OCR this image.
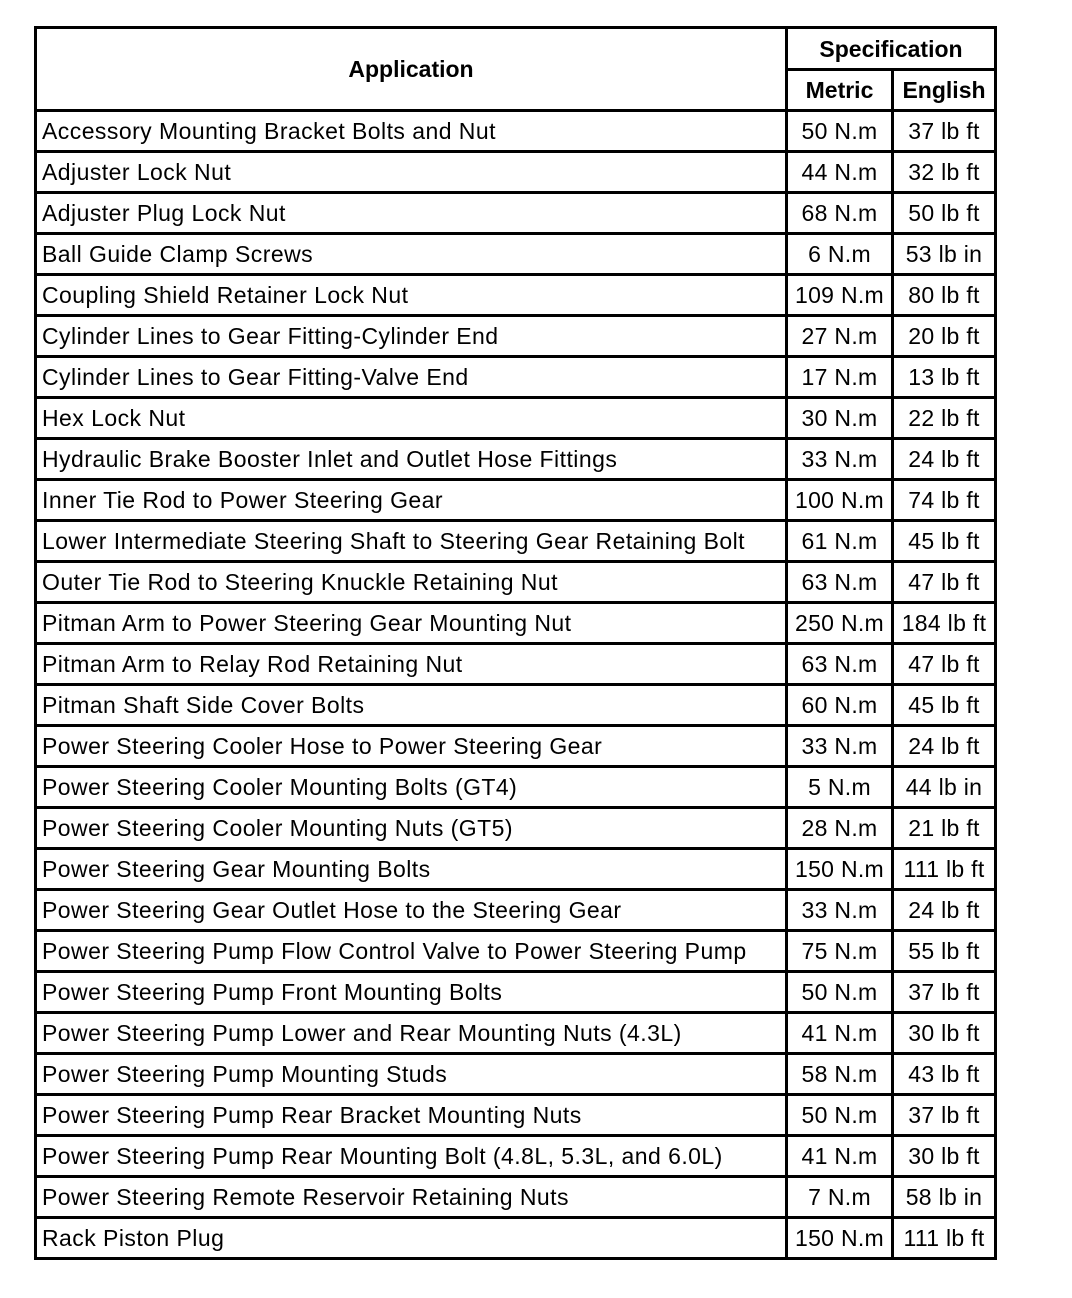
Application	Specification	
	Metric	English
Accessory Mounting Bracket Bolts and Nut	50 N.m	37 lb ft
Adjuster Lock Nut	44 N.m	32 lb ft
Adjuster Plug Lock Nut	68 N.m	50 lb ft
Ball Guide Clamp Screws	6 N.m	53 lb in
Coupling Shield Retainer Lock Nut	109 N.m	80 lb ft
Cylinder Lines to Gear Fitting-Cylinder End	27 N.m	20 lb ft
Cylinder Lines to Gear Fitting-Valve End	17 N.m	13 lb ft
Hex Lock Nut	30 N.m	22 lb ft
Hydraulic Brake Booster Inlet and Outlet Hose Fittings	33 N.m	24 lb ft
Inner Tie Rod to Power Steering Gear	100 N.m	74 lb ft
Lower Intermediate Steering Shaft to Steering Gear Retaining Bolt	61 N.m	45 lb ft
Outer Tie Rod to Steering Knuckle Retaining Nut	63 N.m	47 lb ft
Pitman Arm to Power Steering Gear Mounting Nut	250 N.m	184 lb ft
Pitman Arm to Relay Rod Retaining Nut	63 N.m	47 lb ft
Pitman Shaft Side Cover Bolts	60 N.m	45 lb ft
Power Steering Cooler Hose to Power Steering Gear	33 N.m	24 lb ft
Power Steering Cooler Mounting Bolts (GT4)	5 N.m	44 lb in
Power Steering Cooler Mounting Nuts (GT5)	28 N.m	21 lb ft
Power Steering Gear Mounting Bolts	150 N.m	111 lb ft
Power Steering Gear Outlet Hose to the Steering Gear	33 N.m	24 lb ft
Power Steering Pump Flow Control Valve to Power Steering Pump	75 N.m	55 lb ft
Power Steering Pump Front Mounting Bolts	50 N.m	37 lb ft
Power Steering Pump Lower and Rear Mounting Nuts (4.3L)	41 N.m	30 lb ft
Power Steering Pump Mounting Studs	58 N.m	43 lb ft
Power Steering Pump Rear Bracket Mounting Nuts	50 N.m	37 lb ft
Power Steering Pump Rear Mounting Bolt (4.8L, 5.3L, and 6.0L)	41 N.m	30 lb ft
Power Steering Remote Reservoir Retaining Nuts	7 N.m	58 lb in
Rack Piston Plug	150 N.m	111 lb ft
